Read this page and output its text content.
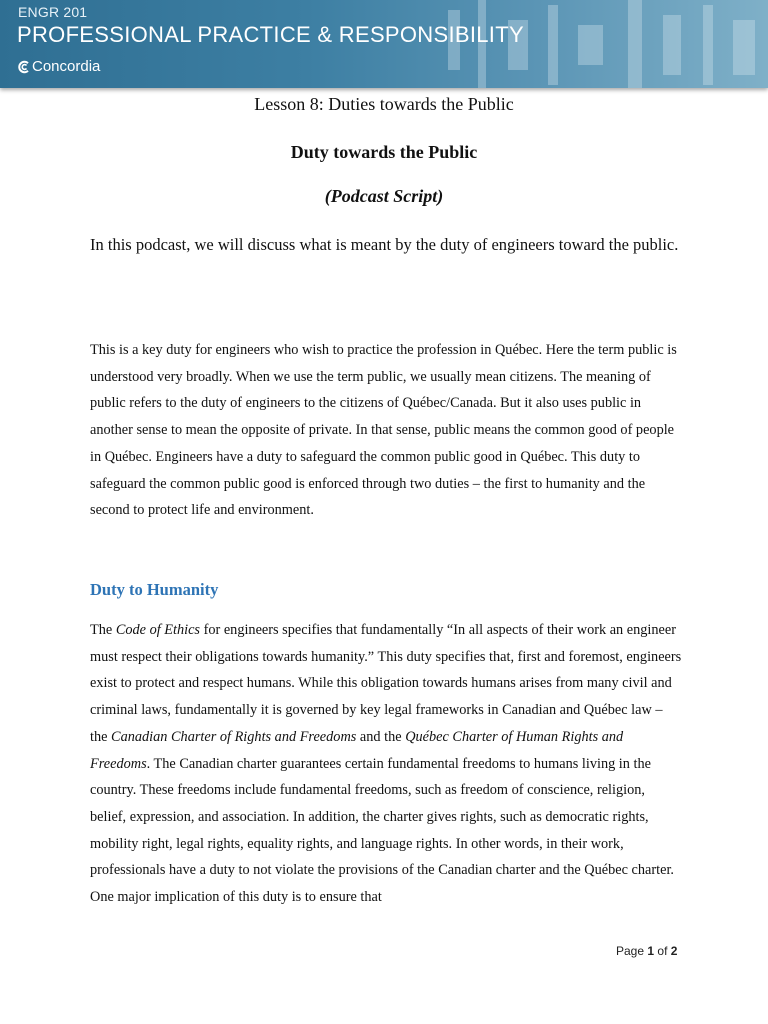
ENGR 201
PROFESSIONAL PRACTICE & RESPONSIBILITY
Concordia
Lesson 8: Duties towards the Public
Duty towards the Public
(Podcast Script)
In this podcast, we will discuss what is meant by the duty of engineers toward the public.
This is a key duty for engineers who wish to practice the profession in Québec. Here the term public is understood very broadly. When we use the term public, we usually mean citizens. The meaning of public refers to the duty of engineers to the citizens of Québec/Canada. But it also uses public in another sense to mean the opposite of private. In that sense, public means the common good of people in Québec. Engineers have a duty to safeguard the common public good in Québec. This duty to safeguard the common public good is enforced through two duties – the first to humanity and the second to protect life and environment.
Duty to Humanity
The Code of Ethics for engineers specifies that fundamentally “In all aspects of their work an engineer must respect their obligations towards humanity.” This duty specifies that, first and foremost, engineers exist to protect and respect humans. While this obligation towards humans arises from many civil and criminal laws, fundamentally it is governed by key legal frameworks in Canadian and Québec law – the Canadian Charter of Rights and Freedoms and the Québec Charter of Human Rights and Freedoms. The Canadian charter guarantees certain fundamental freedoms to humans living in the country. These freedoms include fundamental freedoms, such as freedom of conscience, religion, belief, expression, and association. In addition, the charter gives rights, such as democratic rights, mobility right, legal rights, equality rights, and language rights. In other words, in their work, professionals have a duty to not violate the provisions of the Canadian charter and the Québec charter. One major implication of this duty is to ensure that
Page 1 of 2
